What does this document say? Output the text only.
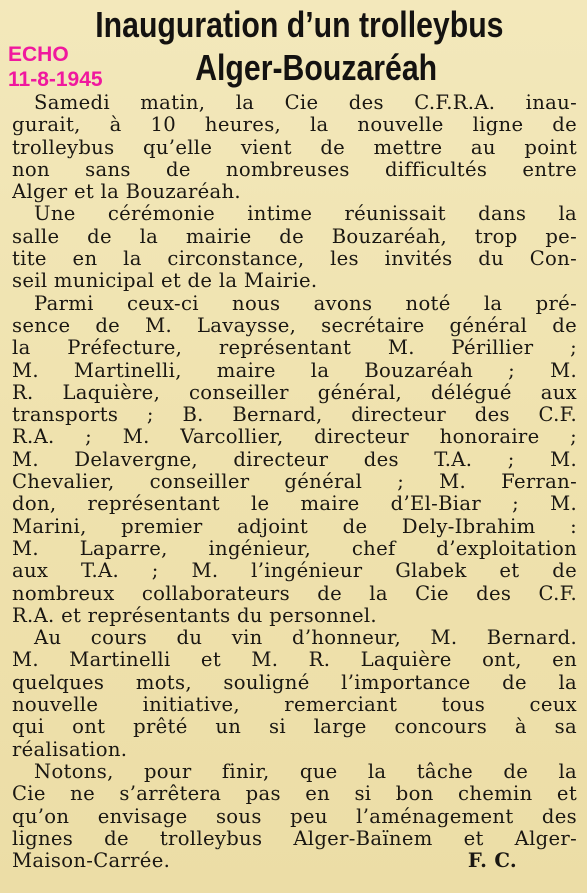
ECHO
11-8-1945
Inauguration d’un trolleybus
Alger-Bouzaréah
Samedi matin, la Cie des C.F.R.A. inau-
gurait, à 10 heures, la nouvelle ligne de
trolleybus qu’elle vient de mettre au point
non sans de nombreuses difficultés entre
Alger et la Bouzaréah.
Une cérémonie intime réunissait dans la
salle de la mairie de Bouzaréah, trop pe-
tite en la circonstance, les invités du Con-
seil municipal et de la Mairie.
Parmi ceux-ci nous avons noté la pré-
sence de M. Lavaysse, secrétaire général de
la Préfecture, représentant M. Périllier ;
M. Martinelli, maire la Bouzaréah ; M.
R. Laquière, conseiller général, délégué aux
transports ; B. Bernard, directeur des C.F.
R.A. ; M. Varcollier, directeur honoraire ;
M. Delavergne, directeur des T.A. ; M.
Chevalier, conseiller général ; M. Ferran-
don, représentant le maire d’El-Biar ; M.
Marini, premier adjoint de Dely-Ibrahim :
M. Laparre, ingénieur, chef d’exploitation
aux T.A. ; M. l’ingénieur Glabek et de
nombreux collaborateurs de la Cie des C.F.
R.A. et représentants du personnel.
Au cours du vin d’honneur, M. Bernard.
M. Martinelli et M. R. Laquière ont, en
quelques mots, souligné l’importance de la
nouvelle initiative, remerciant tous ceux
qui ont prêté un si large concours à sa
réalisation.
Notons, pour finir, que la tâche de la
Cie ne s’arrêtera pas en si bon chemin et
qu’on envisage sous peu l’aménagement des
lignes de trolleybus Alger-Baïnem et Alger-
Maison-Carrée.	F. C.
